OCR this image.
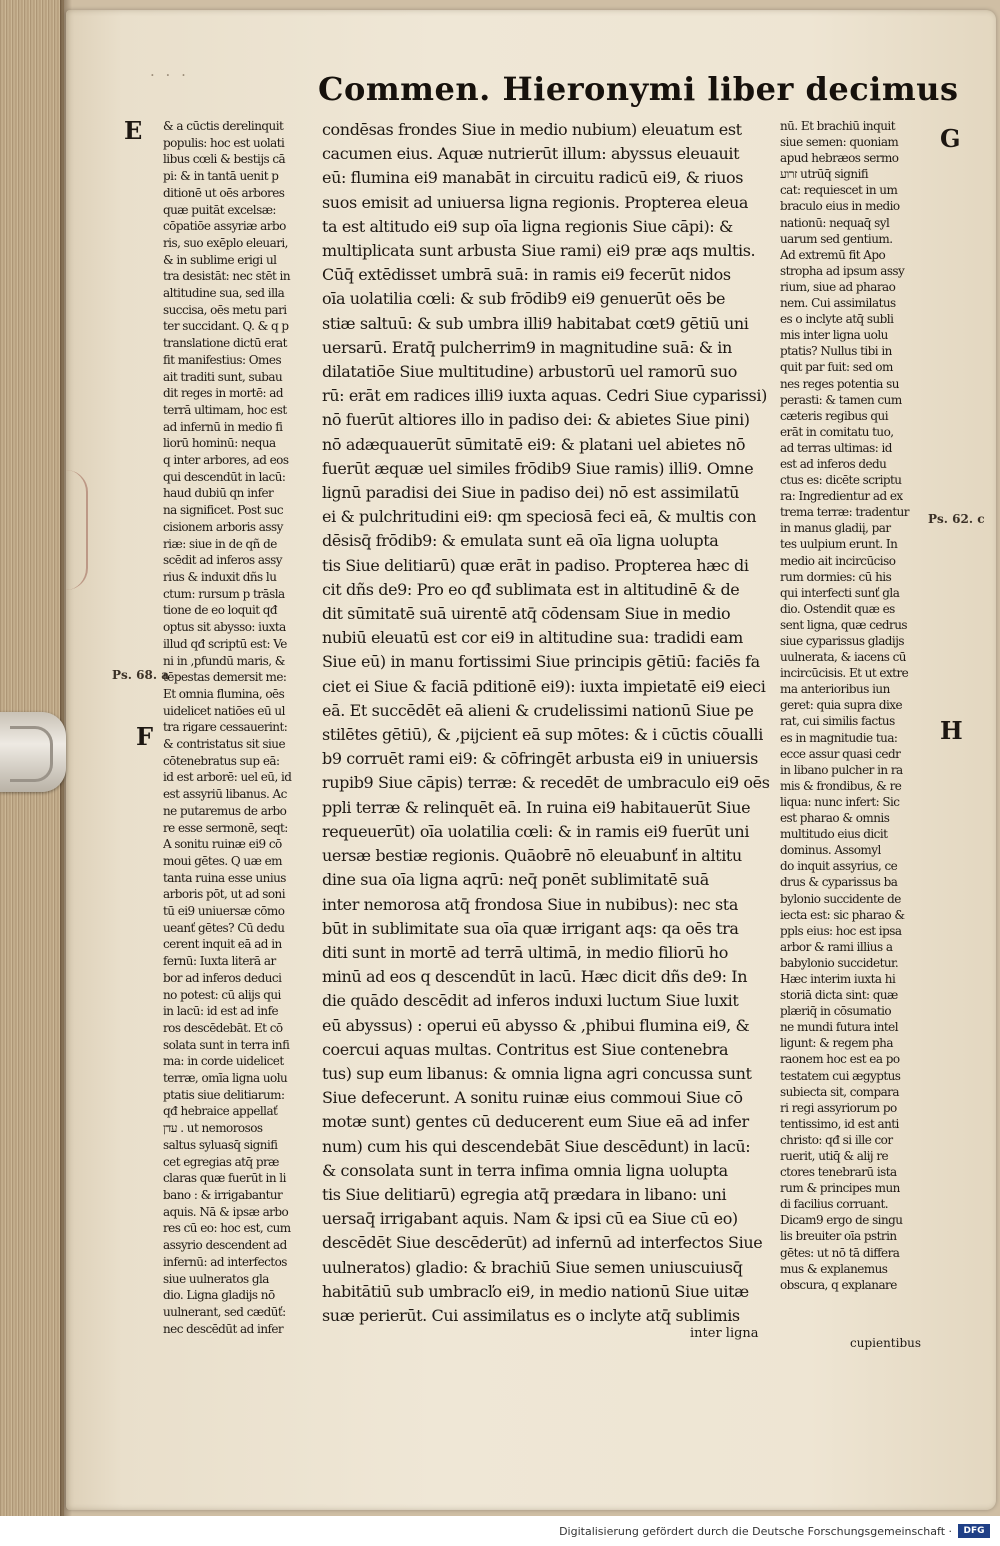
· · ·	Commen. Hieronymi liber decimus
E
F
G
H
Ps. 68. a
Ps. 62. c
& a cūctis derelinquit
populis: hoc est uolati
libus cœli & bestijs cā
pi: & in tantā uenit p
ditionē ut oēs arbores
quæ puitāt excelsæ:
cōpatiōe assyriæ arbo
ris, suo exēplo eleuari,
& in sublime erigi ul
tra desistāt: nec stēt in
altitudine sua, sed illa
succisa, oēs metu pari
ter succidant. Q. & q p
translatione dictū erat
fit manifestius: Omes
ait traditi sunt, subau
dit reges in mortē: ad
terrā ultimam, hoc est
ad infernū in medio fi
liorū hominū: nequa
q inter arbores, ad eos
qui descendūt in lacū:
haud dubiū qn infer
na significet. Post suc
cisionem arboris assy
riæ: siue in de qñ de
scēdit ad inferos assy
rius & induxit dñs lu
ctum: rursum p trāsla
tione de eo loquit qđ
optus sit abysso: iuxta
illud qđ scriptū est: Ve
ni in ,pfundū maris, &
tēpestas demersit me:
Et omnia flumina, oēs
uidelicet natiōes eū ul
tra rigare cessauerint:
& contristatus sit siue
cōtenebratus sup eā:
id est arborē: uel eū, id
est assyriū libanus. Ac
ne putaremus de arbo
re esse sermonē, seqt:
A sonitu ruinæ ei9 cō
moui gētes. Q uæ em
tanta ruina esse unius
arboris pōt, ut ad soni
tū ei9 uniuersæ cōmo
ueanť gētes? Cū dedu
cerent inquit eā ad in
fernū: Iuxta literā ar
bor ad inferos deduci
no potest: cū alijs qui
in lacū: id est ad infe
ros descēdebāt. Et cō
solata sunt in terra infi
ma: in corde uidelicet
terræ, omīa ligna uolu
ptatis siue delitiarum:
qđ hebraice appellať
עדן . ut nemorosos
saltus syluasq̄ signifi
cet egregias atq̄ præ
claras quæ fuerūt in li
bano : & irrigabantur
aquis. Nā & ipsæ arbo
res cū eo: hoc est, cum
assyrio descendent ad
infernū: ad interfectos
siue uulneratos gla
dio. Ligna gladijs nō
uulnerant, sed cædūť:
nec descēdūt ad infer
condēsas frondes Siue in medio nubium) eleuatum est
cacumen eius. Aquæ nutrierūt illum: abyssus eleuauit
eū: flumina ei9 manabāt in circuitu radicū ei9, & riuos
suos emisit ad uniuersa ligna regionis. Propterea eleua
ta est altitudo ei9 sup oīa ligna regionis Siue cāpi): &
multiplicata sunt arbusta Siue rami) ei9 præ aqs multis.
Cūq̄ extēdisset umbrā suā: in ramis ei9 fecerūt nidos
oīa uolatilia cœli: & sub frōdib9 ei9 genuerūt oēs be
stiæ saltuū: & sub umbra illi9 habitabat cœt9 gētiū uni
uersarū. Eratq̄ pulcherrim9 in magnitudine suā: & in
dilatatiōe Siue multitudine) arbustorū uel ramorū suo
rū: erāt em radices illi9 iuxta aquas. Cedri Siue cyparissi)
nō fuerūt altiores illo in padiso dei: & abietes Siue pini)
nō adæquauerūt sūmitatē ei9: & platani uel abietes nō
fuerūt æquæ uel similes frōdib9 Siue ramis) illi9. Omne
lignū paradisi dei Siue in padiso dei) nō est assimilatū
ei & pulchritudini ei9: qm speciosā feci eā, & multis con
dēsisq̄ frōdib9: & emulata sunt eā oīa ligna uolupta
tis Siue delitiarū) quæ erāt in padiso. Propterea hæc di
cit dñs de9: Pro eo qđ sublimata est in altitudinē & de
dit sūmitatē suā uirentē atq̄ cōdensam Siue in medio
nubiū eleuatū est cor ei9 in altitudine sua: tradidi eam
Siue eū) in manu fortissimi Siue principis gētiū: faciēs fa
ciet ei Siue & faciā pditionē ei9): iuxta impietatē ei9 eieci
eā. Et succēdēt eā alieni & crudelissimi nationū Siue pe
stilētes gētiū), & ,pijcient eā sup mōtes: & i cūctis cōualli
b9 corruēt rami ei9: & cōfringēt arbusta ei9 in uniuersis
rupib9 Siue cāpis) terræ: & recedēt de umbraculo ei9 oēs
ppli terræ & relinquēt eā. In ruina ei9 habitauerūt Siue
requeuerūt) oīa uolatilia cœli: & in ramis ei9 fuerūt uni
uersæ bestiæ regionis. Quāobrē nō eleuabunť in altitu
dine sua oīa ligna aqrū: neq̄ ponēt sublimitatē suā
inter nemorosa atq̄ frondosa Siue in nubibus): nec sta
būt in sublimitate sua oīa quæ irrigant aqs: qa oēs tra
diti sunt in mortē ad terrā ultimā, in medio filiorū ho
minū ad eos q descendūt in lacū. Hæc dicit dñs de9: In
die quādo descēdit ad inferos induxi luctum Siue luxit
eū abyssus) : operui eū abysso & ,phibui flumina ei9, &
coercui aquas multas. Contritus est Siue contenebra
tus) sup eum libanus: & omnia ligna agri concussa sunt
Siue defecerunt. A sonitu ruinæ eius commoui Siue cō
motæ sunt) gentes cū deducerent eum Siue eā ad infer
num) cum his qui descendebāt Siue descēdunt) in lacū:
& consolata sunt in terra infima omnia ligna uolupta
tis Siue delitiarū) egregia atq̄ prædara in libano: uni
uersaq̄ irrigabant aquis. Nam & ipsi cū ea Siue cū eo)
descēdēt Siue descēderūt) ad infernū ad interfectos Siue
uulneratos) gladio: & brachiū Siue semen uniuscuiusq̄
habitātiū sub umbracľo ei9, in medio nationū Siue uitæ
suæ perierūt. Cui assimilatus es o inclyte atq̄ sublimis
nū. Et brachiū inquit
siue semen: quoniam
apud hebræos sermo
זרוע utrūq̄ signifi
cat: requiescet in um
braculo eius in medio
nationū: nequaq̄ syl
uarum sed gentium.
Ad extremū fit Apo
stropha ad ipsum assy
rium, siue ad pharao
nem. Cui assimilatus
es o inclyte atq̄ subli
mis inter ligna uolu
ptatis? Nullus tibi in
quit par fuit: sed om
nes reges potentia su
perasti: & tamen cum
cæteris regibus qui
erāt in comitatu tuo,
ad terras ultimas: id
est ad inferos dedu
ctus es: dicēte scriptu
ra: Ingredientur ad ex
trema terræ: tradentur
in manus gladiį, par
tes uulpium erunt. In
medio ait incircūciso
rum dormies: cū his
qui interfecti sunť gla
dio. Ostendit quæ es
sent ligna, quæ cedrus
siue cyparissus gladijs
uulnerata, & iacens cū
incircūcisis. Et ut extre
ma anterioribus iun
geret: quia supra dixe
rat, cui similis factus
es in magnitudie tua:
ecce assur quasi cedr
in libano pulcher in ra
mis & frondibus, & re
liqua: nunc infert: Sic
est pharao & omnis
multitudo eius dicit
dominus. Assomyl
do inquit assyrius, ce
drus & cyparissus ba
bylonio succidente de
iecta est: sic pharao &
ppls eius: hoc est ipsa
arbor & rami illius a
babylonio succidetur.
Hæc interim iuxta hi
storiā dicta sint: quæ
plæriq̄ in cōsumatio
ne mundi futura intel
ligunt: & regem pha
raonem hoc est ea po
testatem cui ægyptus
subiecta sit, compara
ri regi assyriorum po
tentissimo, id est anti
christo: qđ si ille cor
ruerit, utiq̄ & alij re
ctores tenebrarū ista
rum & principes mun
di facilius corruant.
Dicam9 ergo de singu
lis breuiter oīa pstrin
gētes: ut nō tā differa
mus & explanemus
obscura, q explanare
inter ligna
cupientibus
Digitalisierung gefördert durch die Deutsche Forschungsgemeinschaft ·	DFG
